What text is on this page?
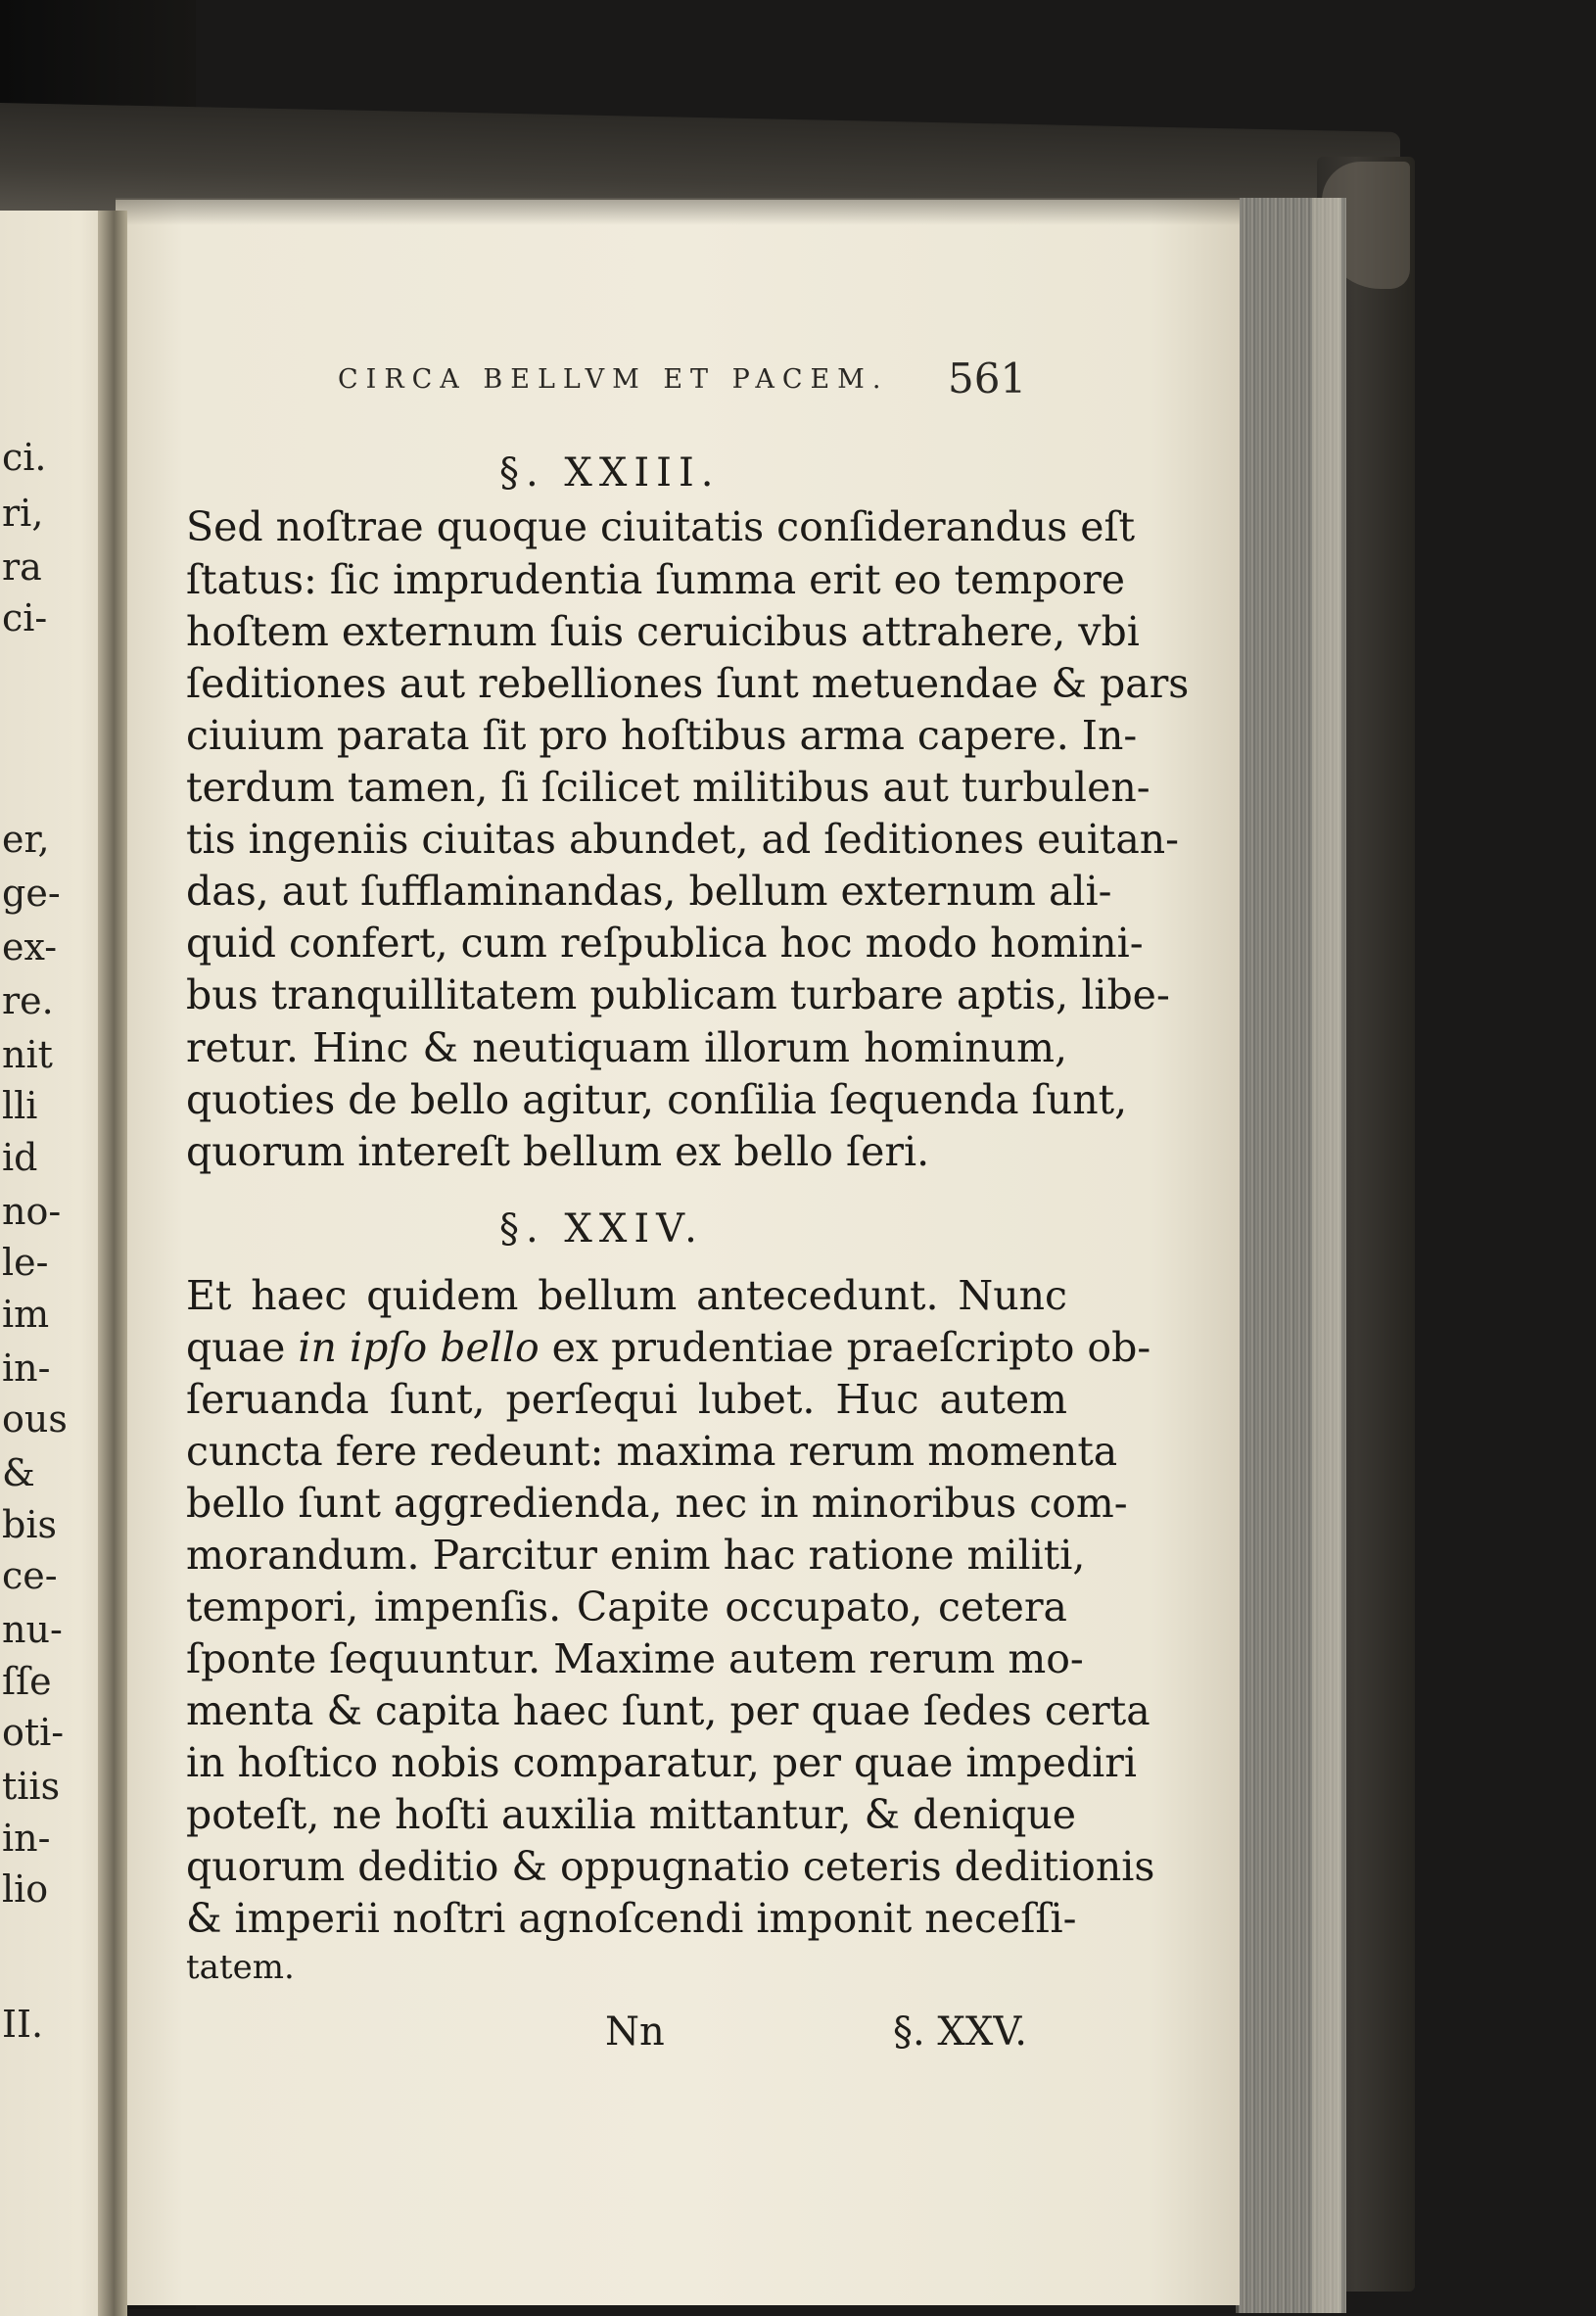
ci.
ri,
ra
ci-
er,
ge-
ex-
re.
nit
lli
id
no-
le-
im
in-
ous
&
bis
ce-
nu-
ſſe
oti-
tiis
in-
lio
II.
CIRCA BELLVM ET PACEM. 561
§. XXIII.
Sed noſtrae quoque ciuitatis conſiderandus eſt
ſtatus: ſic imprudentia ſumma erit eo tempore
hoſtem externum ſuis ceruicibus attrahere, vbi
ſeditiones aut rebelliones ſunt metuendae & pars
ciuium parata ſit pro hoſtibus arma capere. In-
terdum tamen, ſi ſcilicet militibus aut turbulen-
tis ingeniis ciuitas abundet, ad ſeditiones euitan-
das, aut ſufflaminandas, bellum externum ali-
quid confert, cum reſpublica hoc modo homini-
bus tranquillitatem publicam turbare aptis, libe-
retur. Hinc & neutiquam illorum hominum,
quoties de bello agitur, conſilia ſequenda ſunt,
quorum intereſt bellum ex bello ſeri.
§. XXIV.
Et haec quidem bellum antecedunt. Nunc
quae in ipſo bello ex prudentiae praeſcripto ob-
ſeruanda ſunt, perſequi lubet. Huc autem
cuncta fere redeunt: maxima rerum momenta
bello ſunt aggredienda, nec in minoribus com-
morandum. Parcitur enim hac ratione militi,
tempori, impenſis. Capite occupato, cetera
ſponte ſequuntur. Maxime autem rerum mo-
menta & capita haec ſunt, per quae ſedes certa
in hoſtico nobis comparatur, per quae impediri
poteſt, ne hoſti auxilia mittantur, & denique
quorum deditio & oppugnatio ceteris deditionis
& imperii noſtri agnoſcendi imponit neceſſi-
tatem.
Nn	§. XXV.
